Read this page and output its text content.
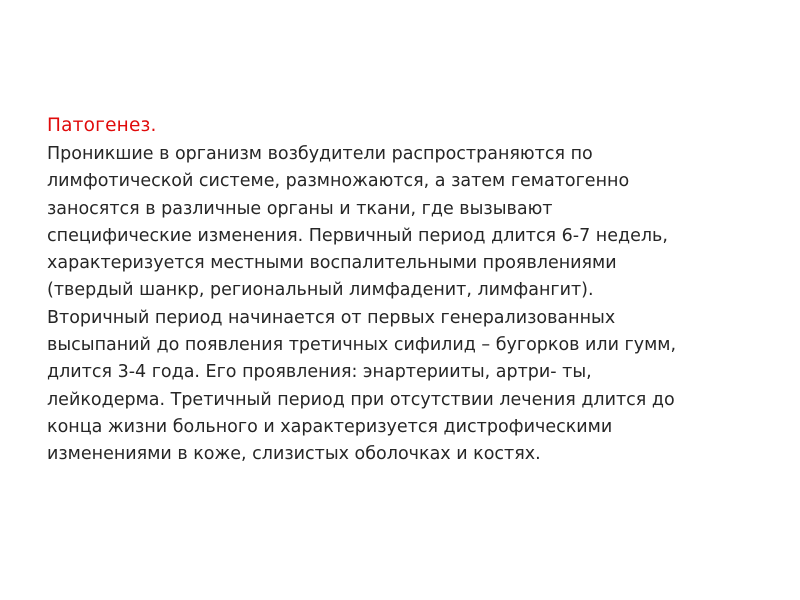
Патогенез.
Проникшие в организм возбудители распространяются по
лимфотической системе, размножаются, а затем гематогенно
заносятся в различные органы и ткани, где вызывают
специфические изменения. Первичный период длится 6-7 недель,
характеризуется местными воспалительными проявлениями
(твердый шанкр, региональный лимфаденит, лимфангит).
Вторичный период начинается от первых генерализованных
высыпаний до появления третичных сифилид – бугорков или гумм,
длится 3-4 года. Его проявления: энартерииты, артри- ты,
лейкодерма. Третичный период при отсутствии лечения длится до
конца жизни больного и характеризуется дистрофическими
изменениями в коже, слизистых оболочках и костях.
